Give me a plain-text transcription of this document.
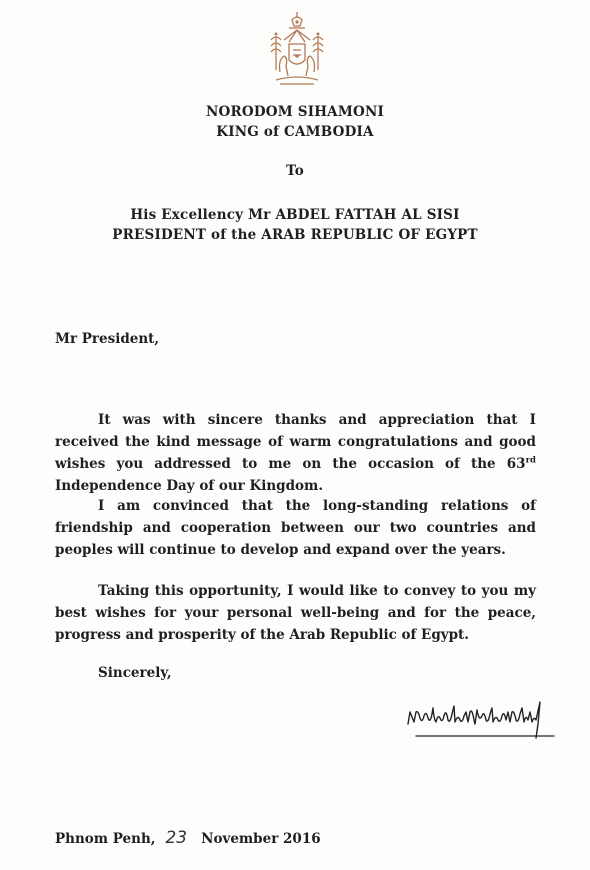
NORODOM SIHAMONI
KING of CAMBODIA
To
His Excellency Mr ABDEL FATTAH AL SISI
PRESIDENT of the ARAB REPUBLIC OF EGYPT
Mr President,

It was with sincere thanks and appreciation that I received the kind message of warm congratulations and good wishes you addressed to me on the occasion of the 63rd Independence Day of our Kingdom.

I am convinced that the long-standing relations of friendship and cooperation between our two countries and peoples will continue to develop and expand over the years.

Taking this opportunity, I would like to convey to you my best wishes for your personal well-being and for the peace, progress and prosperity of the Arab Republic of Egypt.

Sincerely,
Phnom Penh, 23 November 2016
